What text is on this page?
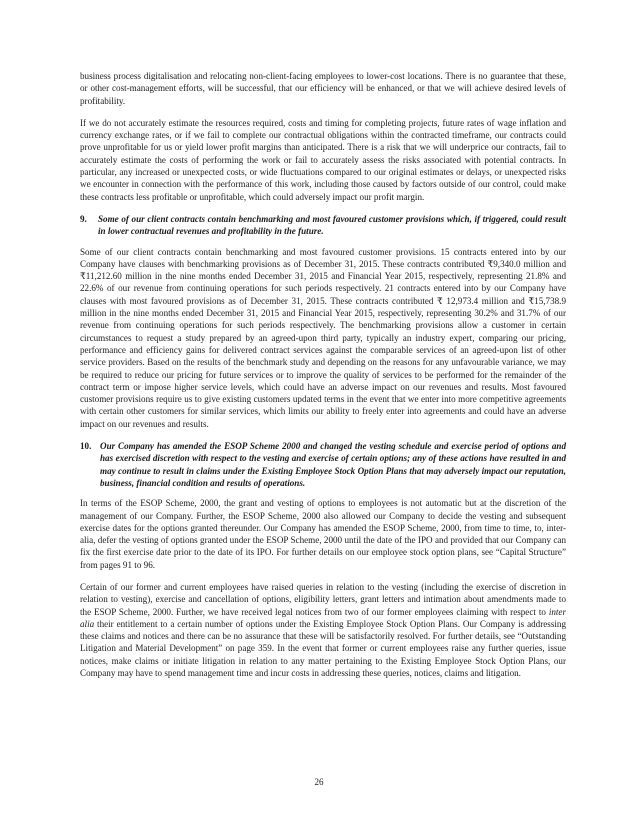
business process digitalisation and relocating non-client-facing employees to lower-cost locations. There is no guarantee that these, or other cost-management efforts, will be successful, that our efficiency will be enhanced, or that we will achieve desired levels of profitability.

If we do not accurately estimate the resources required, costs and timing for completing projects, future rates of wage inflation and currency exchange rates, or if we fail to complete our contractual obligations within the contracted timeframe, our contracts could prove unprofitable for us or yield lower profit margins than anticipated. There is a risk that we will underprice our contracts, fail to accurately estimate the costs of performing the work or fail to accurately assess the risks associated with potential contracts. In particular, any increased or unexpected costs, or wide fluctuations compared to our original estimates or delays, or unexpected risks we encounter in connection with the performance of this work, including those caused by factors outside of our control, could make these contracts less profitable or unprofitable, which could adversely impact our profit margin.

9.	Some of our client contracts contain benchmarking and most favoured customer provisions which, if triggered, could result in lower contractual revenues and profitability in the future.

Some of our client contracts contain benchmarking and most favoured customer provisions. 15 contracts entered into by our Company have clauses with benchmarking provisions as of December 31, 2015. These contracts contributed ₹9,340.0 million and ₹11,212.60 million in the nine months ended December 31, 2015 and Financial Year 2015, respectively, representing 21.8% and 22.6% of our revenue from continuing operations for such periods respectively. 21 contracts entered into by our Company have clauses with most favoured provisions as of December 31, 2015. These contracts contributed ₹ 12,973.4 million and ₹15,738.9 million in the nine months ended December 31, 2015 and Financial Year 2015, respectively, representing 30.2% and 31.7% of our revenue from continuing operations for such periods respectively. The benchmarking provisions allow a customer in certain circumstances to request a study prepared by an agreed-upon third party, typically an industry expert, comparing our pricing, performance and efficiency gains for delivered contract services against the comparable services of an agreed-upon list of other service providers. Based on the results of the benchmark study and depending on the reasons for any unfavourable variance, we may be required to reduce our pricing for future services or to improve the quality of services to be performed for the remainder of the contract term or impose higher service levels, which could have an adverse impact on our revenues and results. Most favoured customer provisions require us to give existing customers updated terms in the event that we enter into more competitive agreements with certain other customers for similar services, which limits our ability to freely enter into agreements and could have an adverse impact on our revenues and results.

10. Our Company has amended the ESOP Scheme 2000 and changed the vesting schedule and exercise period of options and has exercised discretion with respect to the vesting and exercise of certain options; any of these actions have resulted in and may continue to result in claims under the Existing Employee Stock Option Plans that may adversely impact our reputation, business, financial condition and results of operations.

In terms of the ESOP Scheme, 2000, the grant and vesting of options to employees is not automatic but at the discretion of the management of our Company. Further, the ESOP Scheme, 2000 also allowed our Company to decide the vesting and subsequent exercise dates for the options granted thereunder. Our Company has amended the ESOP Scheme, 2000, from time to time, to, inter-alia, defer the vesting of options granted under the ESOP Scheme, 2000 until the date of the IPO and provided that our Company can fix the first exercise date prior to the date of its IPO. For further details on our employee stock option plans, see “Capital Structure” from pages 91 to 96.

Certain of our former and current employees have raised queries in relation to the vesting (including the exercise of discretion in relation to vesting), exercise and cancellation of options, eligibility letters, grant letters and intimation about amendments made to the ESOP Scheme, 2000. Further, we have received legal notices from two of our former employees claiming with respect to inter alia their entitlement to a certain number of options under the Existing Employee Stock Option Plans. Our Company is addressing these claims and notices and there can be no assurance that these will be satisfactorily resolved. For further details, see “Outstanding Litigation and Material Development” on page 359. In the event that former or current employees raise any further queries, issue notices, make claims or initiate litigation in relation to any matter pertaining to the Existing Employee Stock Option Plans, our Company may have to spend management time and incur costs in addressing these queries, notices, claims and litigation.

26
